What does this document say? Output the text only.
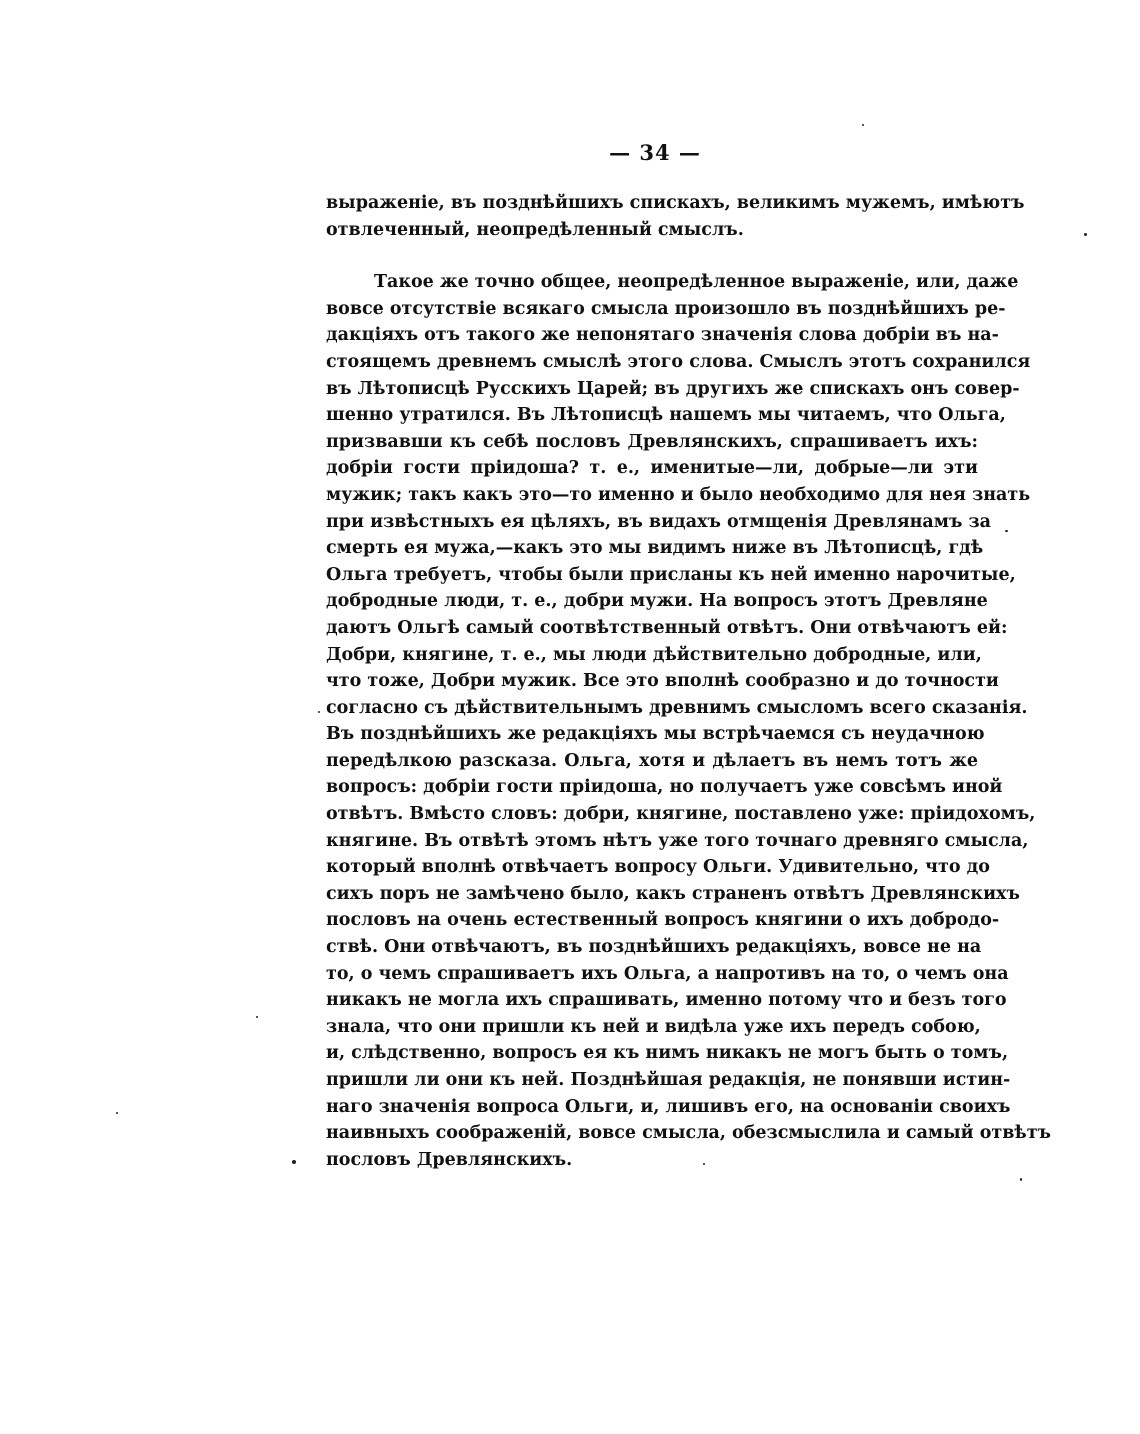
— 34 —
выраженіе, въ позднѣйшихъ спискахъ, великимъ мужемъ, имѣютъ
отвлеченный, неопредѣленный смыслъ.
Такое же точно общее, неопредѣленное выраженіе, или, даже
вовсе отсутствіе всякаго смысла произошло въ позднѣйшихъ ре-
дакціяхъ отъ такого же непонятаго значенія слова добріи въ на-
стоящемъ древнемъ смыслѣ этого слова. Смыслъ этотъ сохранился
въ Лѣтописцѣ Русскихъ Царей; въ другихъ же спискахъ онъ совер-
шенно утратился. Въ Лѣтописцѣ нашемъ мы читаемъ, что Ольга,
призвавши къ себѣ пословъ Древлянскихъ, спрашиваетъ ихъ:
добріи гости пріидоша? т. е., именитые—ли, добрые—ли эти
мужик; такъ какъ это—то именно и было необходимо для нея знать
при извѣстныхъ ея цѣляхъ, въ видахъ отмщенія Древлянамъ за
смерть ея мужа,—какъ это мы видимъ ниже въ Лѣтописцѣ, гдѣ
Ольга требуетъ, чтобы были присланы къ ней именно нарочитые,
добродные люди, т. е., добри мужи. На вопросъ этотъ Древляне
даютъ Ольгѣ самый соотвѣтственный отвѣтъ. Они отвѣчаютъ ей:
Добри, княгине, т. е., мы люди дѣйствительно добродные, или,
что тоже, Добри мужик. Все это вполнѣ сообразно и до точности
согласно съ дѣйствительнымъ древнимъ смысломъ всего сказанія.
Въ позднѣйшихъ же редакціяхъ мы встрѣчаемся съ неудачною
передѣлкою разсказа. Ольга, хотя и дѣлаетъ въ немъ тотъ же
вопросъ: добріи гости пріидоша, но получаетъ уже совсѣмъ иной
отвѣтъ. Вмѣсто словъ: добри, княгине, поставлено уже: пріидохомъ,
княгине. Въ отвѣтѣ этомъ нѣтъ уже того точнаго древняго смысла,
который вполнѣ отвѣчаетъ вопросу Ольги. Удивительно, что до
сихъ поръ не замѣчено было, какъ страненъ отвѣтъ Древлянскихъ
пословъ на очень естественный вопросъ княгини о ихъ добродо-
ствѣ. Они отвѣчаютъ, въ позднѣйшихъ редакціяхъ, вовсе не на
то, о чемъ спрашиваетъ ихъ Ольга, а напротивъ на то, о чемъ она
никакъ не могла ихъ спрашивать, именно потому что и безъ того
знала, что они пришли къ ней и видѣла уже ихъ передъ собою,
и, слѣдственно, вопросъ ея къ нимъ никакъ не могъ быть о томъ,
пришли ли они къ ней. Позднѣйшая редакція, не понявши истин-
наго значенія вопроса Ольги, и, лишивъ его, на основаніи своихъ
наивныхъ соображеній, вовсе смысла, обезсмыслила и самый отвѣтъ
пословъ Древлянскихъ.
